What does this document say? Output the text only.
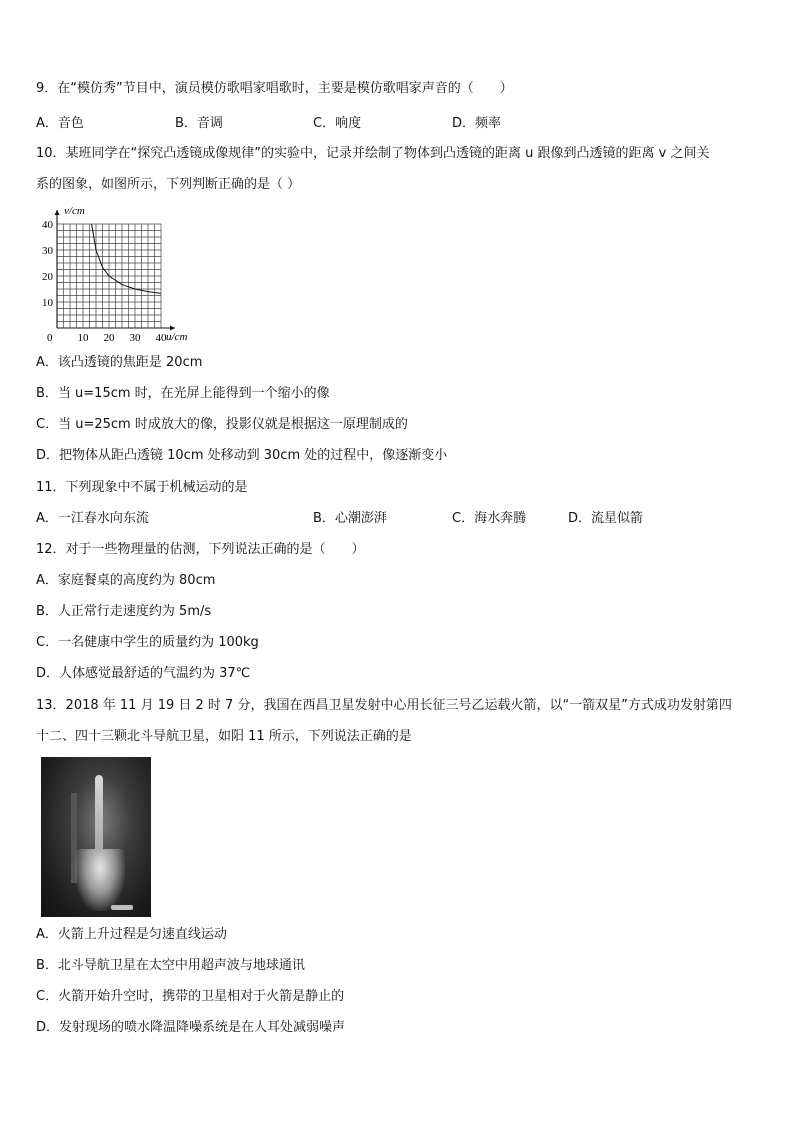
9．在“模仿秀”节目中，演员模仿歌唱家唱歌时，主要是模仿歌唱家声音的（　　）
A．音色	B．音调	C．响度	D．频率
10．某班同学在“探究凸透镜成像规律”的实验中，记录并绘制了物体到凸透镜的距离 u 跟像到凸透镜的距离 v 之间关
系的图象，如图所示，下列判断正确的是（ ）
10 20 30 40
10
20
30
40
v/cm
u/cm
0
A．该凸透镜的焦距是 20cm
B．当 u=15cm 时，在光屏上能得到一个缩小的像
C．当 u=25cm 时成放大的像，投影仪就是根据这一原理制成的
D．把物体从距凸透镜 10cm 处移动到 30cm 处的过程中，像逐渐变小
11．下列现象中不属于机械运动的是
A．一江春水向东流	B．心潮澎湃	C．海水奔腾	D．流星似箭
12．对于一些物理量的估测，下列说法正确的是（　　）
A．家庭餐桌的高度约为 80cm
B．人正常行走速度约为 5m/s
C．一名健康中学生的质量约为 100kg
D．人体感觉最舒适的气温约为 37℃
13．2018 年 11 月 19 日 2 时 7 分，我国在西昌卫星发射中心用长征三号乙运载火箭，以“一箭双星”方式成功发射第四
十二、四十三颗北斗导航卫星，如阳 11 所示，下列说法正确的是
A．火箭上升过程是匀速直线运动
B．北斗导航卫星在太空中用超声波与地球通讯
C．火箭开始升空时，携带的卫星相对于火箭是静止的
D．发射现场的喷水降温降噪系统是在人耳处减弱噪声
